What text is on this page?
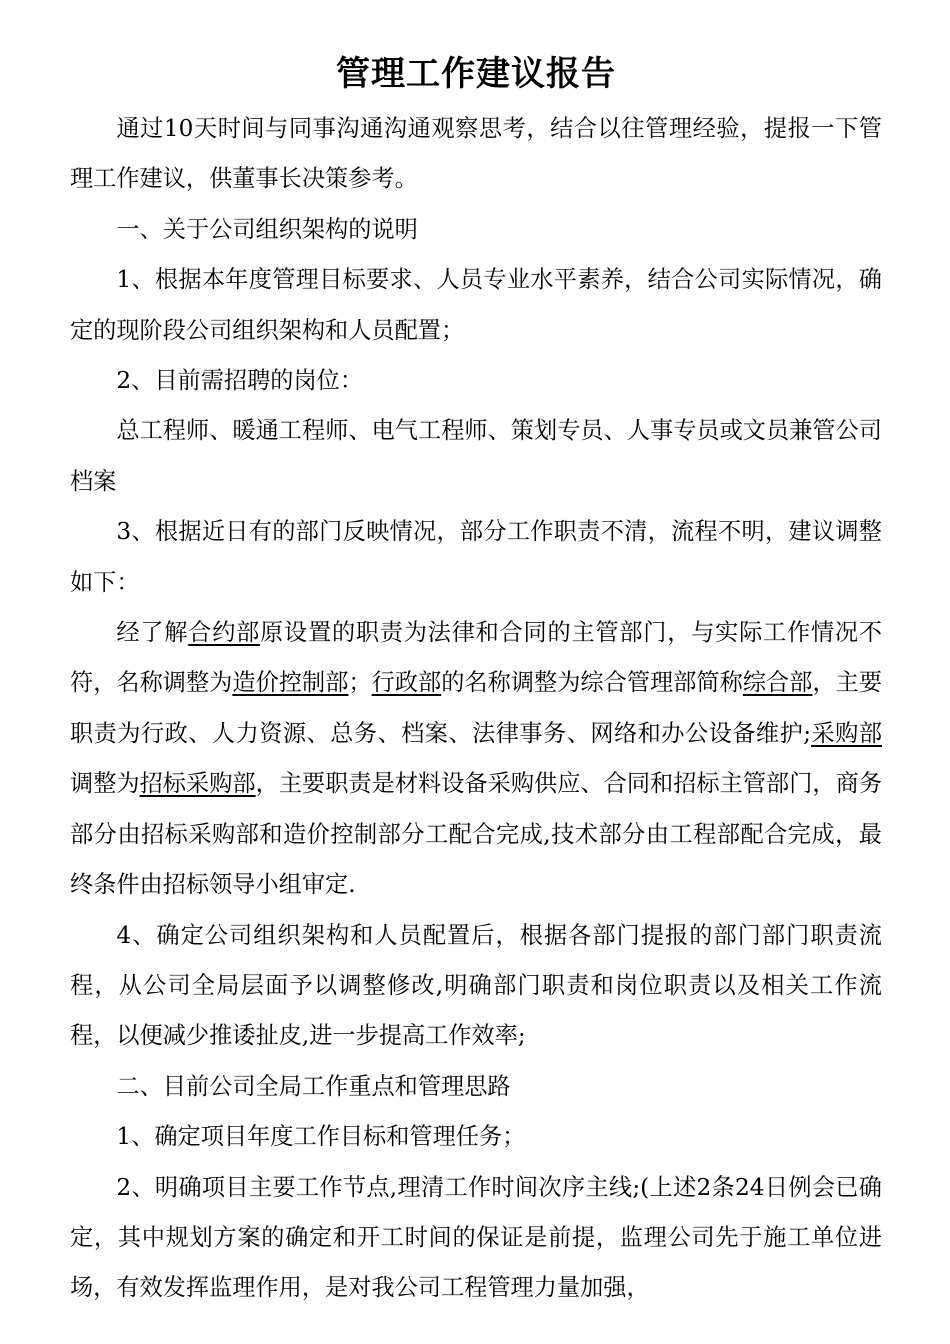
管理工作建议报告

通过10天时间与同事沟通沟通观察思考，结合以往管理经验，提报一下管理工作建议，供董事长决策参考。

一、关于公司组织架构的说明

1、根据本年度管理目标要求、人员专业水平素养，结合公司实际情况，确定的现阶段公司组织架构和人员配置；

2、目前需招聘的岗位：

总工程师、暖通工程师、电气工程师、策划专员、人事专员或文员兼管公司档案

3、根据近日有的部门反映情况，部分工作职责不清，流程不明，建议调整如下：

经了解合约部原设置的职责为法律和合同的主管部门，与实际工作情况不符，名称调整为造价控制部；行政部的名称调整为综合管理部简称综合部，主要职责为行政、人力资源、总务、档案、法律事务、网络和办公设备维护;采购部调整为招标采购部，主要职责是材料设备采购供应、合同和招标主管部门，商务部分由招标采购部和造价控制部分工配合完成,技术部分由工程部配合完成，最终条件由招标领导小组审定.

4、确定公司组织架构和人员配置后，根据各部门提报的部门部门职责流程，从公司全局层面予以调整修改,明确部门职责和岗位职责以及相关工作流程，以便减少推诿扯皮,进一步提高工作效率;

二、目前公司全局工作重点和管理思路

1、确定项目年度工作目标和管理任务；

2、明确项目主要工作节点,理清工作时间次序主线;(上述2条24日例会已确定，其中规划方案的确定和开工时间的保证是前提，监理公司先于施工单位进场，有效发挥监理作用，是对我公司工程管理力量加强，
